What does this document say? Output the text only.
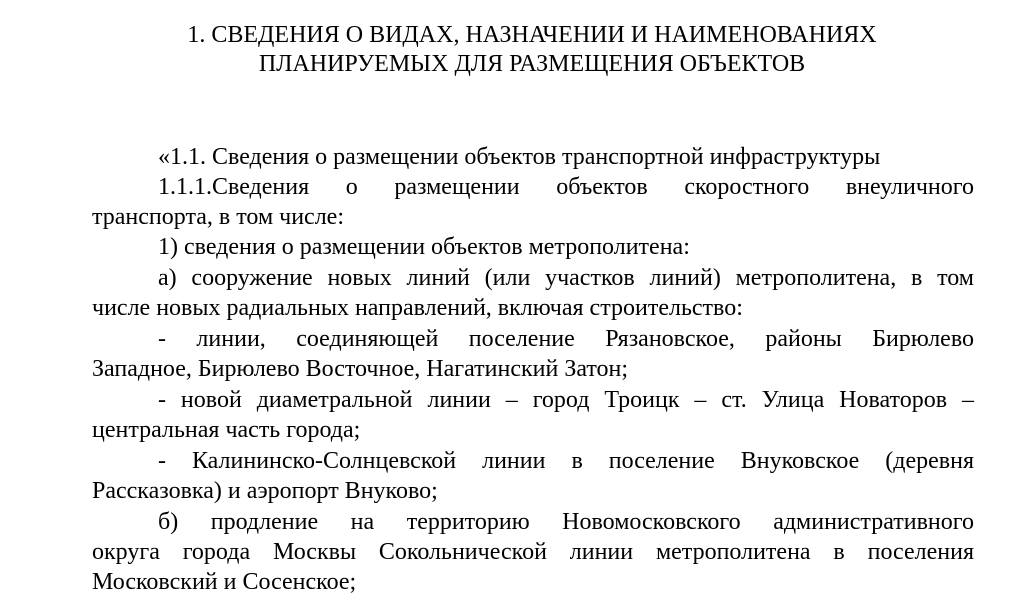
1. СВЕДЕНИЯ О ВИДАХ, НАЗНАЧЕНИИ И НАИМЕНОВАНИЯХ
ПЛАНИРУЕМЫХ ДЛЯ РАЗМЕЩЕНИЯ ОБЪЕКТОВ
«1.1. Сведения о размещении объектов транспортной инфраструктуры
1.1.1.Сведения о размещении объектов скоростного внеуличного
транспорта, в том числе:
1) сведения о размещении объектов метрополитена:
а) сооружение новых линий (или участков линий) метрополитена, в том
числе новых радиальных направлений, включая строительство:
- линии, соединяющей поселение Рязановское, районы Бирюлево
Западное, Бирюлево Восточное, Нагатинский Затон;
- новой диаметральной линии – город Троицк – ст. Улица Новаторов –
центральная часть города;
- Калининско-Солнцевской линии в поселение Внуковское (деревня
Рассказовка) и аэропорт Внуково;
б) продление на территорию Новомосковского административного
округа города Москвы Сокольнической линии метрополитена в поселения
Московский и Сосенское;
